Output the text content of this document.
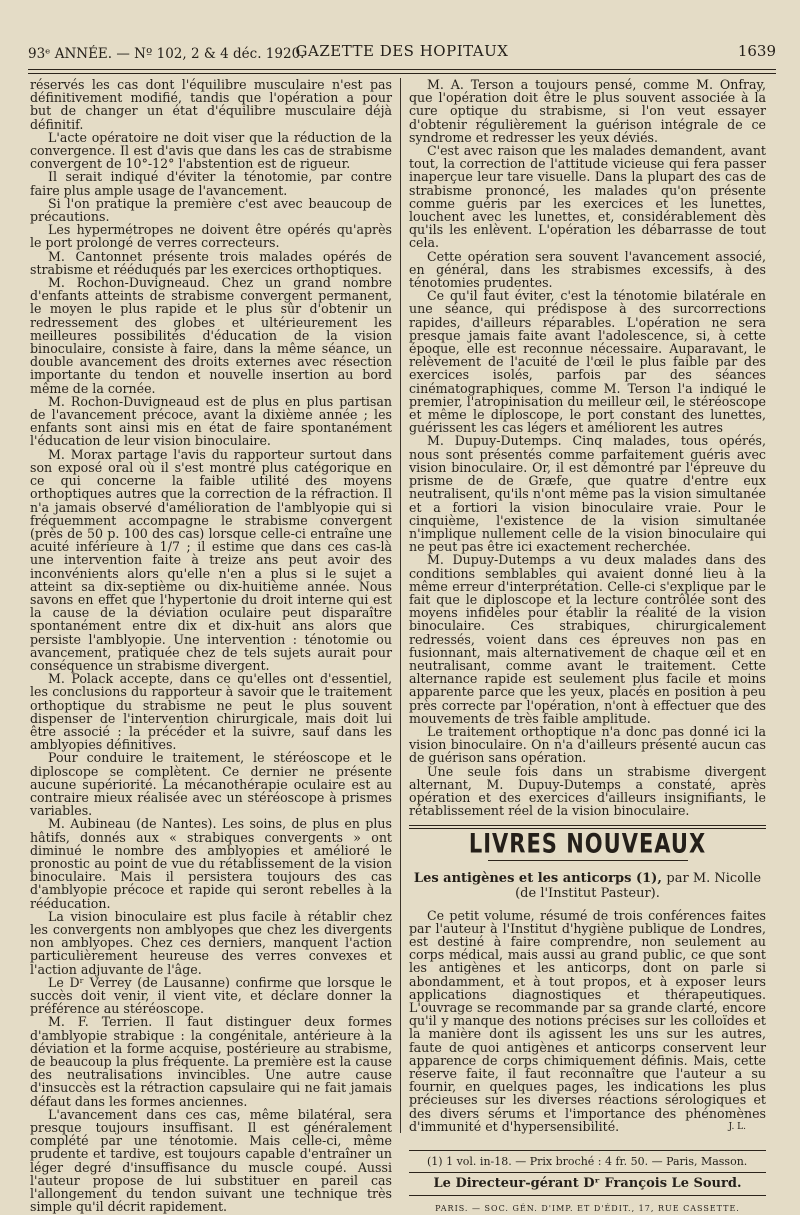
93ᵉ ANNÉE. — Nº 102, 2 & 4 déc. 1920.
GAZETTE DES HOPITAUX	1639

réservés les cas dont l'équilibre musculaire n'est pas définitivement modifié, tandis que l'opération a pour but de changer un état d'équilibre musculaire déjà définitif.

L'acte opératoire ne doit viser que la réduction de la convergence. Il est d'avis que dans les cas de strabisme convergent de 10°-12° l'abstention est de rigueur.

Il serait indiqué d'éviter la ténotomie, par contre faire plus ample usage de l'avancement.

Si l'on pratique la première c'est avec beaucoup de précautions.

Les hypermétropes ne doivent être opérés qu'après le port prolongé de verres correcteurs.

M. Cantonnet présente trois malades opérés de strabisme et rééduqués par les exercices orthoptiques.

M. Rochon-Duvigneaud. Chez un grand nombre d'enfants atteints de strabisme convergent permanent, le moyen le plus rapide et le plus sûr d'obtenir un redressement des globes et ultérieurement les meilleures possibilités d'éducation de la vision binoculaire, consiste à faire, dans la même séance, un double avancement des droits externes avec résection importante du tendon et nouvelle insertion au bord même de la cornée.

M. Rochon-Duvigneaud est de plus en plus partisan de l'avancement précoce, avant la dixième année ; les enfants sont ainsi mis en état de faire spontanément l'éducation de leur vision binoculaire.

M. Morax partage l'avis du rapporteur surtout dans son exposé oral où il s'est montré plus catégorique en ce qui concerne la faible utilité des moyens orthoptiques autres que la correction de la réfraction. Il n'a jamais observé d'amélioration de l'amblyopie qui si fréquemment accompagne le strabisme convergent (près de 50 p. 100 des cas) lorsque celle-ci entraîne une acuité inférieure à 1/7 ; il estime que dans ces cas-là une intervention faite à treize ans peut avoir des inconvénients alors qu'elle n'en a plus si le sujet a atteint sa dix-septième ou dix-huitième année. Nous savons en effet que l'hypertonie du droit interne qui est la cause de la déviation oculaire peut disparaître spontanément entre dix et dix-huit ans alors que persiste l'amblyopie. Une intervention : ténotomie ou avancement, pratiquée chez de tels sujets aurait pour conséquence un strabisme divergent.

M. Polack accepte, dans ce qu'elles ont d'essentiel, les conclusions du rapporteur à savoir que le traitement orthoptique du strabisme ne peut le plus souvent dispenser de l'intervention chirurgicale, mais doit lui être associé : la précéder et la suivre, sauf dans les amblyopies définitives.

Pour conduire le traitement, le stéréoscope et le diploscope se complètent. Ce dernier ne présente aucune supériorité. La mécanothérapie oculaire est au contraire mieux réalisée avec un stéréoscope à prismes variables.

M. Aubineau (de Nantes). Les soins, de plus en plus hâtifs, donnés aux « strabiques convergents » ont diminué le nombre des amblyopies et amélioré le pronostic au point de vue du rétablissement de la vision binoculaire. Mais il persistera toujours des cas d'amblyopie précoce et rapide qui seront rebelles à la rééducation.

La vision binoculaire est plus facile à rétablir chez les convergents non amblyopes que chez les divergents non amblyopes. Chez ces derniers, manquent l'action particulièrement heureuse des verres convexes et l'action adjuvante de l'âge.

Le Dʳ Verrey (de Lausanne) confirme que lorsque le succès doit venir, il vient vite, et déclare donner la préférence au stéréoscope.

M. F. Terrien. Il faut distinguer deux formes d'amblyopie strabique : la congénitale, antérieure à la déviation et la forme acquise, postérieure au strabisme, de beaucoup la plus fréquente. La première est la cause des neutralisations invincibles. Une autre cause d'insuccès est la rétraction capsulaire qui ne fait jamais défaut dans les formes anciennes.

L'avancement dans ces cas, même bilatéral, sera presque toujours insuffisant. Il est généralement complété par une ténotomie. Mais celle-ci, même prudente et tardive, est toujours capable d'entraîner un léger degré d'insuffisance du muscle coupé. Aussi l'auteur propose de lui substituer en pareil cas l'allongement du tendon suivant une technique très simple qu'il décrit rapidement.

M. A. Terson a toujours pensé, comme M. Onfray, que l'opération doit être le plus souvent associée à la cure optique du strabisme, si l'on veut essayer d'obtenir régulièrement la guérison intégrale de ce syndrome et redresser les yeux déviés.

C'est avec raison que les malades demandent, avant tout, la correction de l'attitude vicieuse qui fera passer inaperçue leur tare visuelle. Dans la plupart des cas de strabisme prononcé, les malades qu'on présente comme guéris par les exercices et les lunettes, louchent avec les lunettes, et, considérablement dès qu'ils les enlèvent. L'opération les débarrasse de tout cela.

Cette opération sera souvent l'avancement associé, en général, dans les strabismes excessifs, à des ténotomies prudentes.

Ce qu'il faut éviter, c'est la ténotomie bilatérale en une séance, qui prédispose à des surcorrections rapides, d'ailleurs réparables. L'opération ne sera presque jamais faite avant l'adolescence, si, à cette époque, elle est reconnue nécessaire. Auparavant, le relèvement de l'acuité de l'œil le plus faible par des exercices isolés, parfois par des séances cinématographiques, comme M. Terson l'a indiqué le premier, l'atropinisation du meilleur œil, le stéréoscope et même le diploscope, le port constant des lunettes, guérissent les cas légers et améliorent les autres

M. Dupuy-Dutemps. Cinq malades, tous opérés, nous sont présentés comme parfaitement guéris avec vision binoculaire. Or, il est démontré par l'épreuve du prisme de de Græfe, que quatre d'entre eux neutralisent, qu'ils n'ont même pas la vision simultanée et a fortiori la vision binoculaire vraie. Pour le cinquième, l'existence de la vision simultanée n'implique nullement celle de la vision binoculaire qui ne peut pas être ici exactement recherchée.

M. Dupuy-Dutemps a vu deux malades dans des conditions semblables qui avaient donné lieu à la même erreur d'interprétation. Celle-ci s'explique par le fait que le diploscope et la lecture contrôlée sont des moyens infidèles pour établir la réalité de la vision binoculaire. Ces strabiques, chirurgicalement redressés, voient dans ces épreuves non pas en fusionnant, mais alternativement de chaque œil et en neutralisant, comme avant le traitement. Cette alternance rapide est seulement plus facile et moins apparente parce que les yeux, placés en position à peu près correcte par l'opération, n'ont à effectuer que des mouvements de très faible amplitude.

Le traitement orthoptique n'a donc pas donné ici la vision binoculaire. On n'a d'ailleurs présenté aucun cas de guérison sans opération.

Une seule fois dans un strabisme divergent alternant, M. Dupuy-Dutemps a constaté, après opération et des exercices d'ailleurs insignifiants, le rétablissement réel de la vision binoculaire.

LIVRES NOUVEAUX
Les antigènes et les anticorps (1), par M. Nicolle
(de l'Institut Pasteur).

Ce petit volume, résumé de trois conférences faites par l'auteur à l'Institut d'hygiène publique de Londres, est destiné à faire comprendre, non seulement au corps médical, mais aussi au grand public, ce que sont les antigènes et les anticorps, dont on parle si abondamment, et à tout propos, et à exposer leurs applications diagnostiques et thérapeutiques. L'ouvrage se recommande par sa grande clarté, encore qu'il y manque des notions précises sur les colloïdes et la manière dont ils agissent les uns sur les autres, faute de quoi antigènes et anticorps conservent leur apparence de corps chimiquement définis. Mais, cette réserve faite, il faut reconnaître que l'auteur a su fournir, en quelques pages, les indications les plus précieuses sur les diverses réactions sérologiques et des divers sérums et l'importance des phénomènes d'immunité et d'hypersensibilité.	J. L.

(1) 1 vol. in-18. — Prix broché : 4 fr. 50. — Paris, Masson.

Le Directeur-gérant Dʳ François Le Sourd.
PARIS. — SOC. GÉN. D'IMP. ET D'ÉDIT., 17, RUE CASSETTE.
